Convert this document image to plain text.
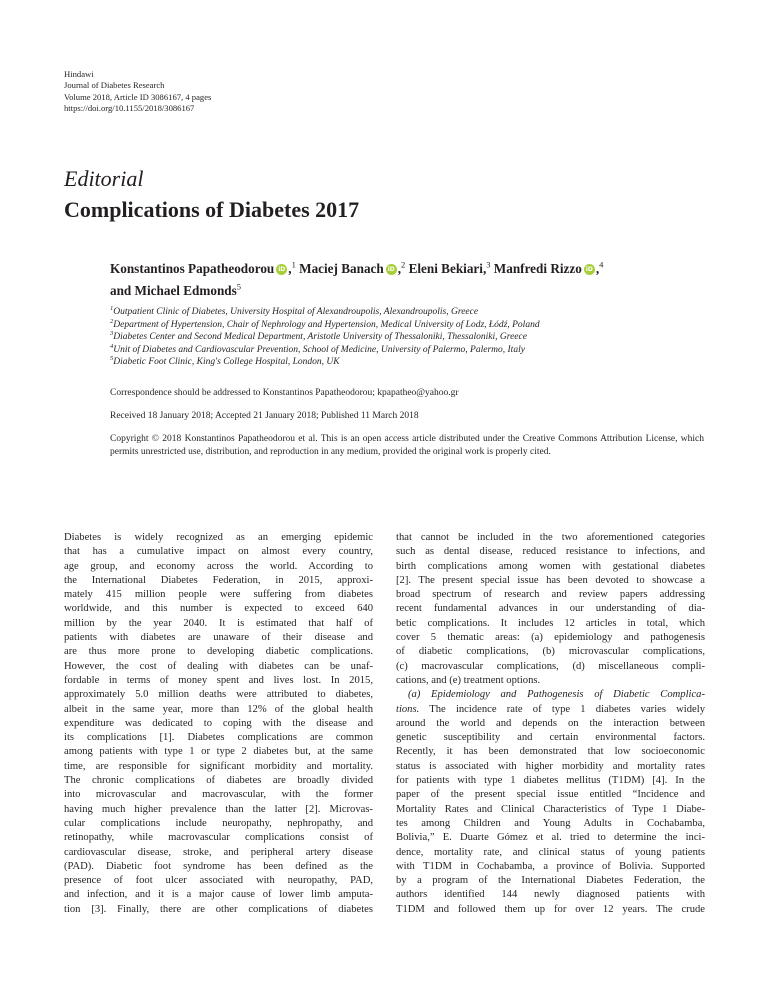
Hindawi
Journal of Diabetes Research
Volume 2018, Article ID 3086167, 4 pages
https://doi.org/10.1155/2018/3086167
Editorial
Complications of Diabetes 2017
Konstantinos Papatheodorou iD ,$^1$ Maciej Banach iD ,$^2$ Eleni Bekiari,$^3$ Manfredi Rizzo iD ,$^4$
and Michael Edmonds$^5$
$^1$Outpatient Clinic of Diabetes, University Hospital of Alexandroupolis, Alexandroupolis, Greece
$^2$Department of Hypertension, Chair of Nephrology and Hypertension, Medical University of Lodz, Łódź, Poland
$^3$Diabetes Center and Second Medical Department, Aristotle University of Thessaloniki, Thessaloniki, Greece
$^4$Unit of Diabetes and Cardiovascular Prevention, School of Medicine, University of Palermo, Palermo, Italy
$^5$Diabetic Foot Clinic, King's College Hospital, London, UK
Correspondence should be addressed to Konstantinos Papatheodorou; kpapatheo@yahoo.gr
Received 18 January 2018; Accepted 21 January 2018; Published 11 March 2018
Copyright © 2018 Konstantinos Papatheodorou et al. This is an open access article distributed under the Creative Commons Attribution License, which permits unrestricted use, distribution, and reproduction in any medium, provided the original work is properly cited.

Diabetes is widely recognized as an emerging epidemic
that has a cumulative impact on almost every country,
age group, and economy across the world. According to
the International Diabetes Federation, in 2015, approxi-
mately 415 million people were suffering from diabetes
worldwide, and this number is expected to exceed 640
million by the year 2040. It is estimated that half of
patients with diabetes are unaware of their disease and
are thus more prone to developing diabetic complications.
However, the cost of dealing with diabetes can be unaf-
fordable in terms of money spent and lives lost. In 2015,
approximately 5.0 million deaths were attributed to diabetes,
albeit in the same year, more than 12% of the global health
expenditure was dedicated to coping with the disease and
its complications [1]. Diabetes complications are common
among patients with type 1 or type 2 diabetes but, at the same
time, are responsible for significant morbidity and mortality.
The chronic complications of diabetes are broadly divided
into microvascular and macrovascular, with the former
having much higher prevalence than the latter [2]. Microvas-
cular complications include neuropathy, nephropathy, and
retinopathy, while macrovascular complications consist of
cardiovascular disease, stroke, and peripheral artery disease
(PAD). Diabetic foot syndrome has been defined as the
presence of foot ulcer associated with neuropathy, PAD,
and infection, and it is a major cause of lower limb amputa-
tion [3]. Finally, there are other complications of diabetes

that cannot be included in the two aforementioned categories
such as dental disease, reduced resistance to infections, and
birth complications among women with gestational diabetes
[2]. The present special issue has been devoted to showcase a
broad spectrum of research and review papers addressing
recent fundamental advances in our understanding of dia-
betic complications. It includes 12 articles in total, which
cover 5 thematic areas: (a) epidemiology and pathogenesis
of diabetic complications, (b) microvascular complications,
(c) macrovascular complications, (d) miscellaneous compli-
cations, and (e) treatment options.

(a) Epidemiology and Pathogenesis of Diabetic Complica-
tions. The incidence rate of type 1 diabetes varies widely

around the world and depends on the interaction between
genetic susceptibility and certain environmental factors.
Recently, it has been demonstrated that low socioeconomic
status is associated with higher morbidity and mortality rates
for patients with type 1 diabetes mellitus (T1DM) [4]. In the
paper of the present special issue entitled “Incidence and
Mortality Rates and Clinical Characteristics of Type 1 Diabe-
tes among Children and Young Adults in Cochabamba,
Bolivia,” E. Duarte Gómez et al. tried to determine the inci-
dence, mortality rate, and clinical status of young patients
with T1DM in Cochabamba, a province of Bolivia. Supported
by a program of the International Diabetes Federation, the
authors identified 144 newly diagnosed patients with
T1DM and followed them up for over 12 years. The crude
